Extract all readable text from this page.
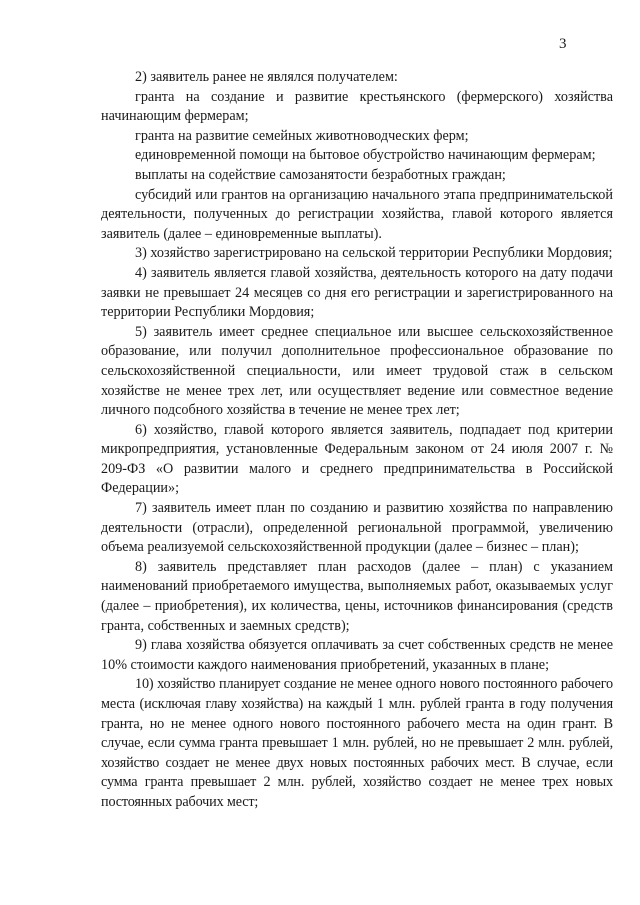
3

2) заявитель ранее не являлся получателем:

гранта на создание и развитие крестьянского (фермерского) хозяйства начинающим фермерам;

гранта на развитие семейных животноводческих ферм;

единовременной помощи на бытовое обустройство начинающим фермерам;

выплаты на содействие самозанятости безработных граждан;

субсидий или грантов на организацию начального этапа предпринимательской деятельности, полученных до регистрации хозяйства, главой которого является заявитель (далее – единовременные выплаты).

3) хозяйство зарегистрировано на сельской территории Республики Мордовия;

4) заявитель является главой хозяйства, деятельность которого на дату подачи заявки не превышает 24 месяцев со дня его регистрации и зарегистрированного на территории Республики Мордовия;

5) заявитель имеет среднее специальное или высшее сельскохозяйственное образование, или получил дополнительное профессиональное образование по сельскохозяйственной специальности, или имеет трудовой стаж в сельском хозяйстве не менее трех лет, или осуществляет ведение или совместное ведение личного подсобного хозяйства в течение не менее трех лет;

6) хозяйство, главой которого является заявитель, подпадает под критерии микропредприятия, установленные Федеральным законом от 24 июля 2007 г. № 209-ФЗ «О развитии малого и среднего предпринимательства в Российской Федерации»;

7) заявитель имеет план по созданию и развитию хозяйства по направлению деятельности (отрасли), определенной региональной программой, увеличению объема реализуемой сельскохозяйственной продукции (далее – бизнес – план);

8) заявитель представляет план расходов (далее – план) с указанием наименований приобретаемого имущества, выполняемых работ, оказываемых услуг (далее – приобретения), их количества, цены, источников финансирования (средств гранта, собственных и заемных средств);

9) глава хозяйства обязуется оплачивать за счет собственных средств не менее 10% стоимости каждого наименования приобретений, указанных в плане;

10) хозяйство планирует создание не менее одного нового постоянного рабочего места (исключая главу хозяйства) на каждый 1 млн. рублей гранта в году получения гранта, но не менее одного нового постоянного рабочего места на один грант. В случае, если сумма гранта превышает 1 млн. рублей, но не превышает 2 млн. рублей, хозяйство создает не менее двух новых постоянных рабочих мест. В случае, если сумма гранта превышает 2 млн. рублей, хозяйство создает не менее трех новых постоянных рабочих мест;
